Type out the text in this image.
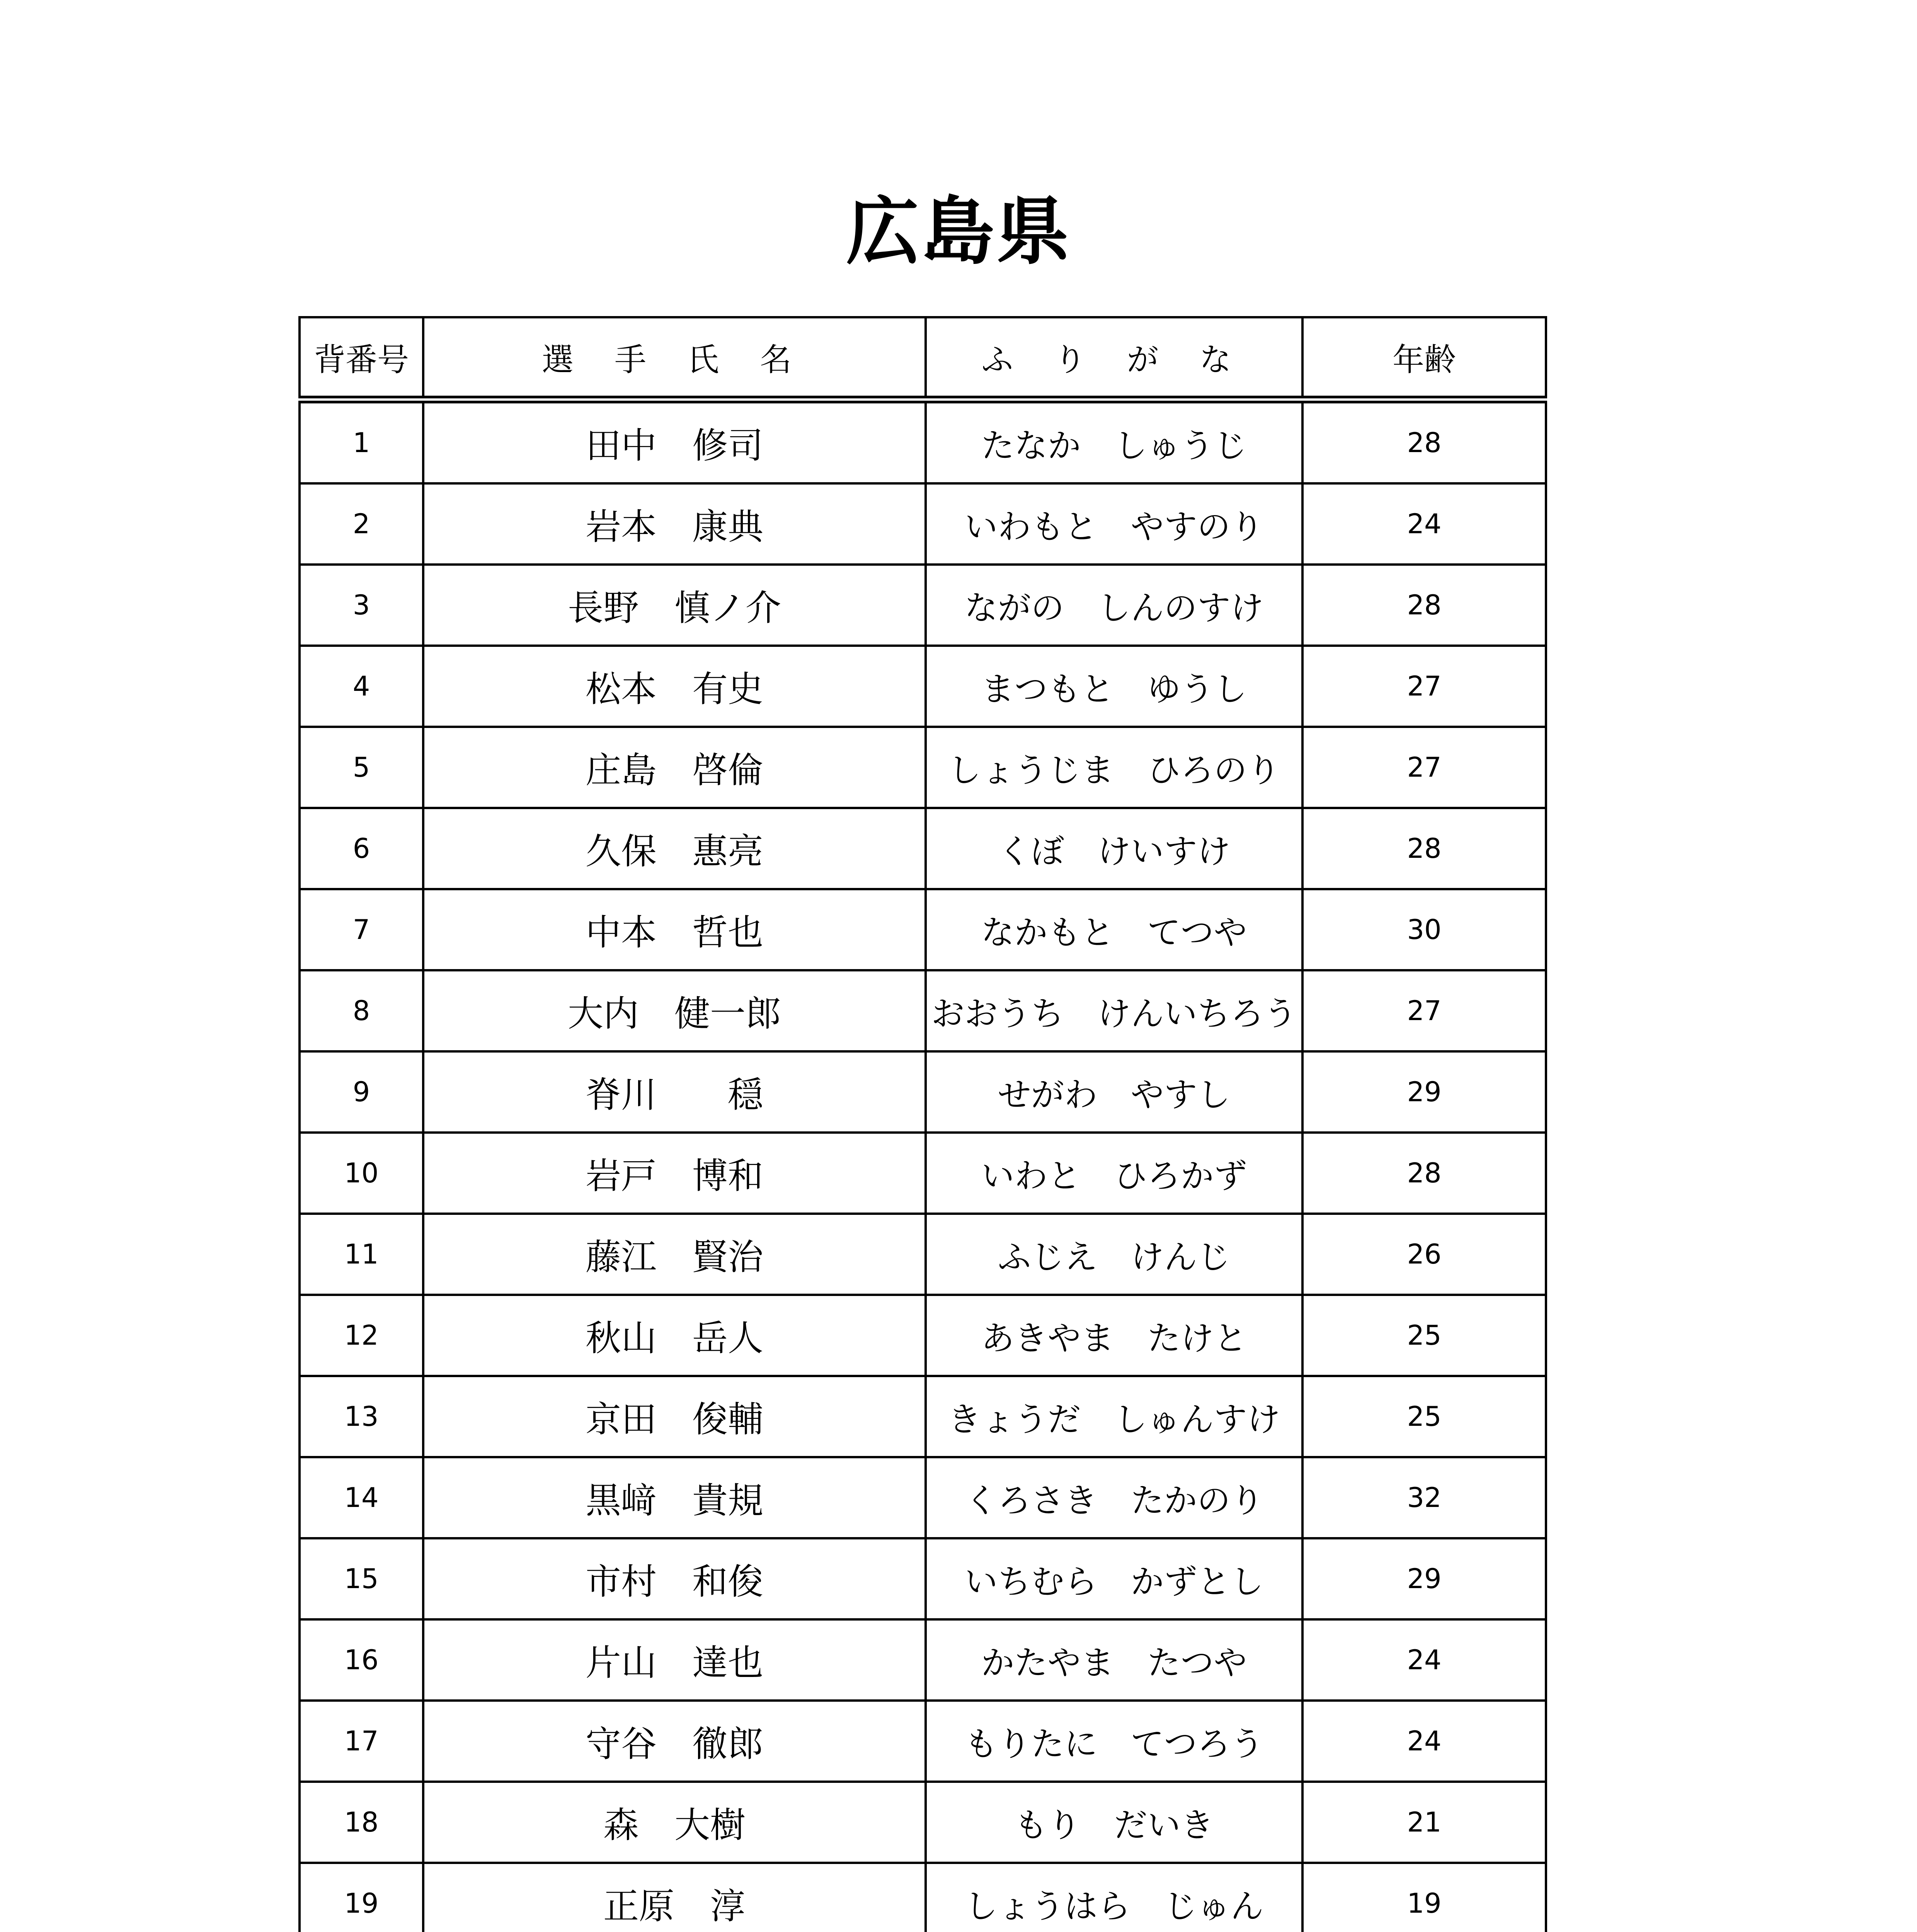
広島県
背番号	選 手 氏 名	ふ り が な	年齢
1	田中　修司	たなか　しゅうじ	28
2	岩本　康典	いわもと　やすのり	24
3	長野　慎ノ介	ながの　しんのすけ	28
4	松本　有史	まつもと　ゆうし	27
5	庄島　啓倫	しょうじま　ひろのり	27
6	久保　惠亮	くぼ　けいすけ	28
7	中本　哲也	なかもと　てつや	30
8	大内　健一郎	おおうち　けんいちろう	27
9	脊川　　穏	せがわ　やすし	29
10	岩戸　博和	いわと　ひろかず	28
11	藤江　賢治	ふじえ　けんじ	26
12	秋山　岳人	あきやま　たけと	25
13	京田　俊輔	きょうだ　しゅんすけ	25
14	黒﨑　貴規	くろさき　たかのり	32
15	市村　和俊	いちむら　かずとし	29
16	片山　達也	かたやま　たつや	24
17	守谷　徹郎	もりたに　てつろう	24
18	森　大樹	もり　だいき	21
19	正原　淳	しょうはら　じゅん	19
